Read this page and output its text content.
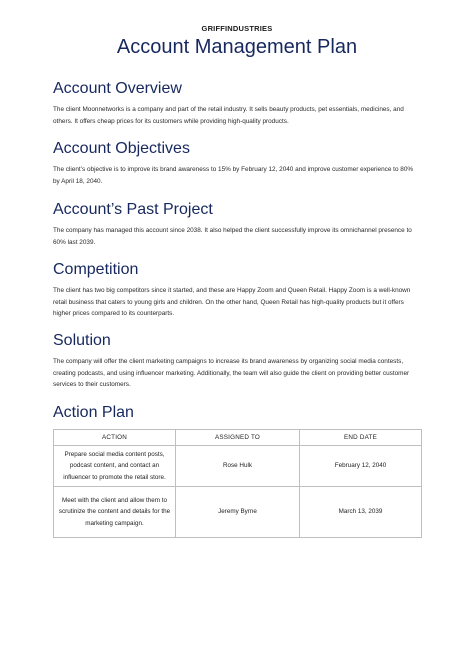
GRIFFINDUSTRIES
Account Management Plan
Account Overview

The client Moonnetworks is a company and part of the retail industry. It sells beauty products, pet essentials, medicines, and others. It offers cheap prices for its customers while providing high-quality products.

Account Objectives

The client’s objective is to improve its brand awareness to 15% by February 12, 2040 and improve customer experience to 80% by April 18, 2040.

Account’s Past Project

The company has managed this account since 2038. It also helped the client successfully improve its omnichannel presence to 60% last 2039.

Competition

The client has two big competitors since it started, and these are Happy Zoom and Queen Retail. Happy Zoom is a well-known retail business that caters to young girls and children. On the other hand, Queen Retail has high-quality products but it offers higher prices compared to its counterparts.

Solution

The company will offer the client marketing campaigns to increase its brand awareness by organizing social media contests, creating podcasts, and using influencer marketing. Additionally, the team will also guide the client on providing better customer services to their customers.

Action Plan
ACTION	ASSIGNED TO	END DATE
Prepare social media content posts, podcast content, and contact an influencer to promote the retail store.	Rose Hulk	February 12, 2040
Meet with the client and allow them to scrutinize the content and details for the marketing campaign.	Jeremy Byrne	March 13, 2039
